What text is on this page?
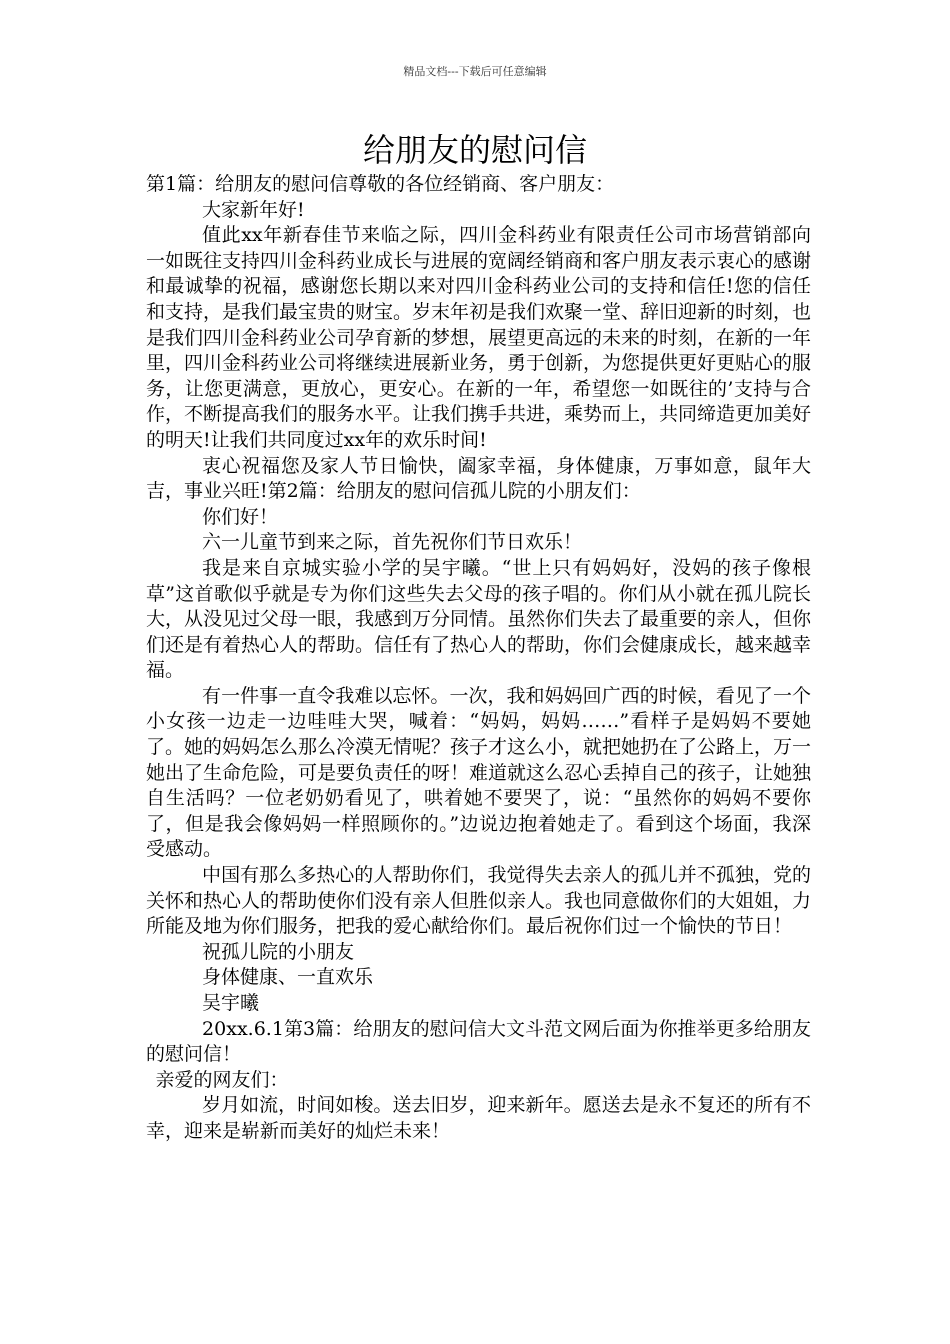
精品文档---下载后可任意编辑
给朋友的慰问信

第1篇：给朋友的慰问信尊敬的各位经销商、客户朋友：

大家新年好!

值此xx年新春佳节来临之际，四川金科药业有限责任公司市场营销部向一如既往支持四川金科药业成长与进展的宽阔经销商和客户朋友表示衷心的感谢和最诚挚的祝福，感谢您长期以来对四川金科药业公司的支持和信任!您的信任和支持，是我们最宝贵的财宝。岁末年初是我们欢聚一堂、辞旧迎新的时刻，也是我们四川金科药业公司孕育新的梦想，展望更高远的未来的时刻，在新的一年里，四川金科药业公司将继续进展新业务，勇于创新，为您提供更好更贴心的服务，让您更满意，更放心，更安心。在新的一年，希望您一如既往的’支持与合作，不断提高我们的服务水平。让我们携手共进，乘势而上，共同缔造更加美好的明天!让我们共同度过xx年的欢乐时间!

衷心祝福您及家人节日愉快，阖家幸福，身体健康，万事如意，鼠年大吉，事业兴旺!第2篇：给朋友的慰问信孤儿院的小朋友们：

你们好！

六一儿童节到来之际，首先祝你们节日欢乐！

我是来自京城实验小学的吴宇曦。“世上只有妈妈好，没妈的孩子像根草”这首歌似乎就是专为你们这些失去父母的孩子唱的。你们从小就在孤儿院长大，从没见过父母一眼，我感到万分同情。虽然你们失去了最重要的亲人，但你们还是有着热心人的帮助。信任有了热心人的帮助，你们会健康成长，越来越幸福。

有一件事一直令我难以忘怀。一次，我和妈妈回广西的时候，看见了一个小女孩一边走一边哇哇大哭，喊着：“妈妈，妈妈……”看样子是妈妈不要她了。她的妈妈怎么那么冷漠无情呢？孩子才这么小，就把她扔在了公路上，万一她出了生命危险，可是要负责任的呀！难道就这么忍心丢掉自己的孩子，让她独自生活吗？一位老奶奶看见了，哄着她不要哭了，说：“虽然你的妈妈不要你了，但是我会像妈妈一样照顾你的。”边说边抱着她走了。看到这个场面，我深受感动。

中国有那么多热心的人帮助你们，我觉得失去亲人的孤儿并不孤独，党的关怀和热心人的帮助使你们没有亲人但胜似亲人。我也同意做你们的大姐姐，力所能及地为你们服务，把我的爱心献给你们。最后祝你们过一个愉快的节日！

祝孤儿院的小朋友

身体健康、一直欢乐

吴宇曦

20xx.6.1第3篇：给朋友的慰问信大文斗范文网后面为你推举更多给朋友的慰问信！

亲爱的网友们：

岁月如流，时间如梭。送去旧岁，迎来新年。愿送去是永不复还的所有不幸，迎来是崭新而美好的灿烂未来！
